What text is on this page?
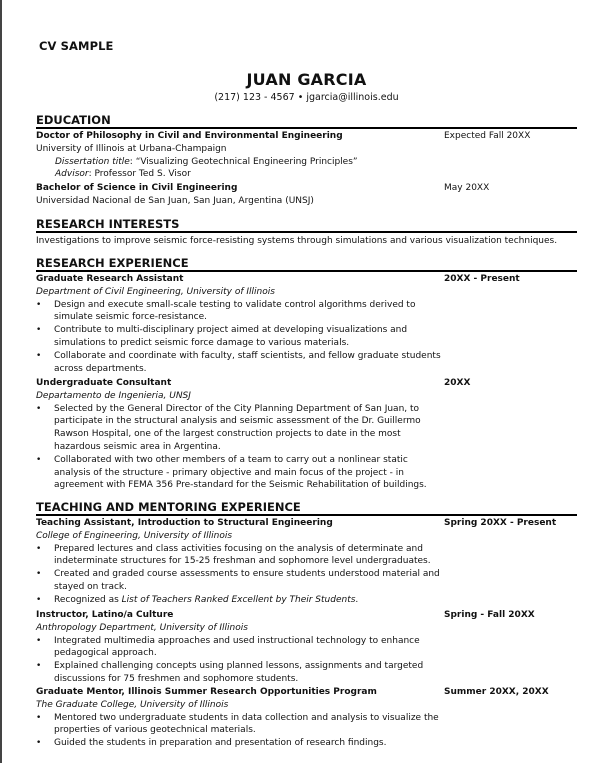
CV SAMPLE
JUAN GARCIA
(217) 123 - 4567 • jgarcia@illinois.edu
EDUCATION
Doctor of Philosophy in Civil and Environmental Engineering	Expected Fall 20XX
University of Illinois at Urbana-Champaign
Dissertation title: “Visualizing Geotechnical Engineering Principles”
Advisor: Professor Ted S. Visor
Bachelor of Science in Civil Engineering	May 20XX
Universidad Nacional de San Juan, San Juan, Argentina (UNSJ)
RESEARCH INTERESTS
Investigations to improve seismic force-resisting systems through simulations and various visualization techniques.
RESEARCH EXPERIENCE
Graduate Research Assistant	20XX - Present
Department of Civil Engineering, University of Illinois
• Design and execute small-scale testing to validate control algorithms derived to simulate seismic force-resistance.
• Contribute to multi-disciplinary project aimed at developing visualizations and simulations to predict seismic force damage to various materials.
• Collaborate and coordinate with faculty, staff scientists, and fellow graduate students across departments.
Undergraduate Consultant	20XX
Departamento de Ingenieria, UNSJ
• Selected by the General Director of the City Planning Department of San Juan, to participate in the structural analysis and seismic assessment of the Dr. Guillermo Rawson Hospital, one of the largest construction projects to date in the most hazardous seismic area in Argentina.
• Collaborated with two other members of a team to carry out a nonlinear static analysis of the structure - primary objective and main focus of the project - in agreement with FEMA 356 Pre-standard for the Seismic Rehabilitation of buildings.
TEACHING AND MENTORING EXPERIENCE
Teaching Assistant, Introduction to Structural Engineering	Spring 20XX - Present
College of Engineering, University of Illinois
• Prepared lectures and class activities focusing on the analysis of determinate and indeterminate structures for 15-25 freshman and sophomore level undergraduates.
• Created and graded course assessments to ensure students understood material and stayed on track.
• Recognized as List of Teachers Ranked Excellent by Their Students.
Instructor, Latino/a Culture	Spring - Fall 20XX
Anthropology Department, University of Illinois
• Integrated multimedia approaches and used instructional technology to enhance pedagogical approach.
• Explained challenging concepts using planned lessons, assignments and targeted discussions for 75 freshmen and sophomore students.
Graduate Mentor, Illinois Summer Research Opportunities Program	Summer 20XX, 20XX
The Graduate College, University of Illinois
• Mentored two undergraduate students in data collection and analysis to visualize the properties of various geotechnical materials.
• Guided the students in preparation and presentation of research findings.
